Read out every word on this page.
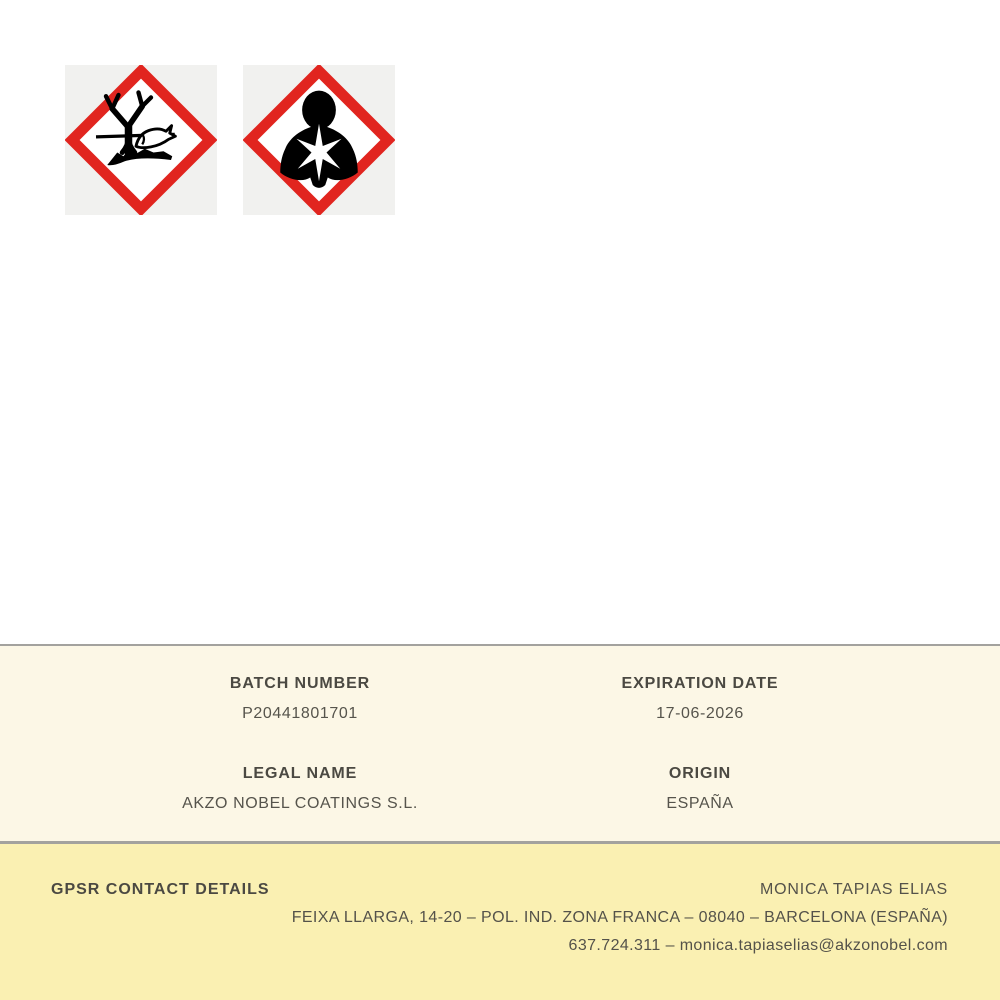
BATCH NUMBER
P20441801701
EXPIRATION DATE
17-06-2026
LEGAL NAME
AKZO NOBEL COATINGS S.L.
ORIGIN
ESPAÑA
GPSR CONTACT DETAILS	MONICA TAPIAS ELIAS
FEIXA LLARGA, 14-20 – POL. IND. ZONA FRANCA – 08040 – BARCELONA (ESPAÑA)
637.724.311 – monica.tapiaselias@akzonobel.com
